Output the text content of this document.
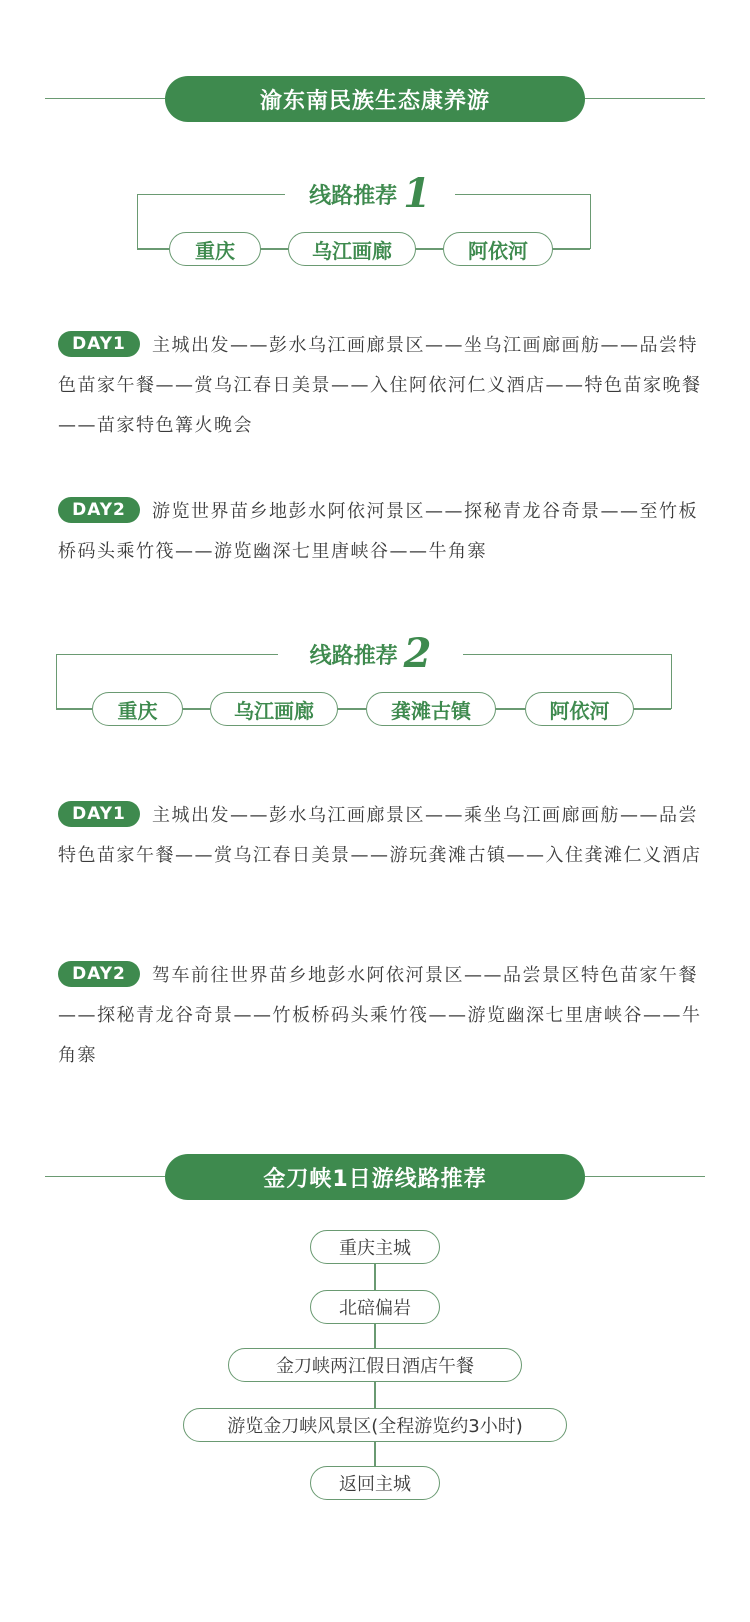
渝东南民族生态康养游
线路推荐 1
重庆	乌江画廊	阿依河
DAY1 主城出发——彭水乌江画廊景区——坐乌江画廊画舫——品尝特色苗家午餐——赏乌江春日美景——入住阿依河仁义酒店——特色苗家晚餐——苗家特色篝火晚会
DAY2 游览世界苗乡地彭水阿依河景区——探秘青龙谷奇景——至竹板桥码头乘竹筏——游览幽深七里唐峡谷——牛角寨
线路推荐 2
重庆	乌江画廊	龚滩古镇	阿依河
DAY1 主城出发——彭水乌江画廊景区——乘坐乌江画廊画舫——品尝特色苗家午餐——赏乌江春日美景——游玩龚滩古镇——入住龚滩仁义酒店
DAY2 驾车前往世界苗乡地彭水阿依河景区——品尝景区特色苗家午餐——探秘青龙谷奇景——竹板桥码头乘竹筏——游览幽深七里唐峡谷——牛角寨
金刀峡1日游线路推荐
重庆主城
北碚偏岩
金刀峡两江假日酒店午餐
游览金刀峡风景区(全程游览约3小时)
返回主城
